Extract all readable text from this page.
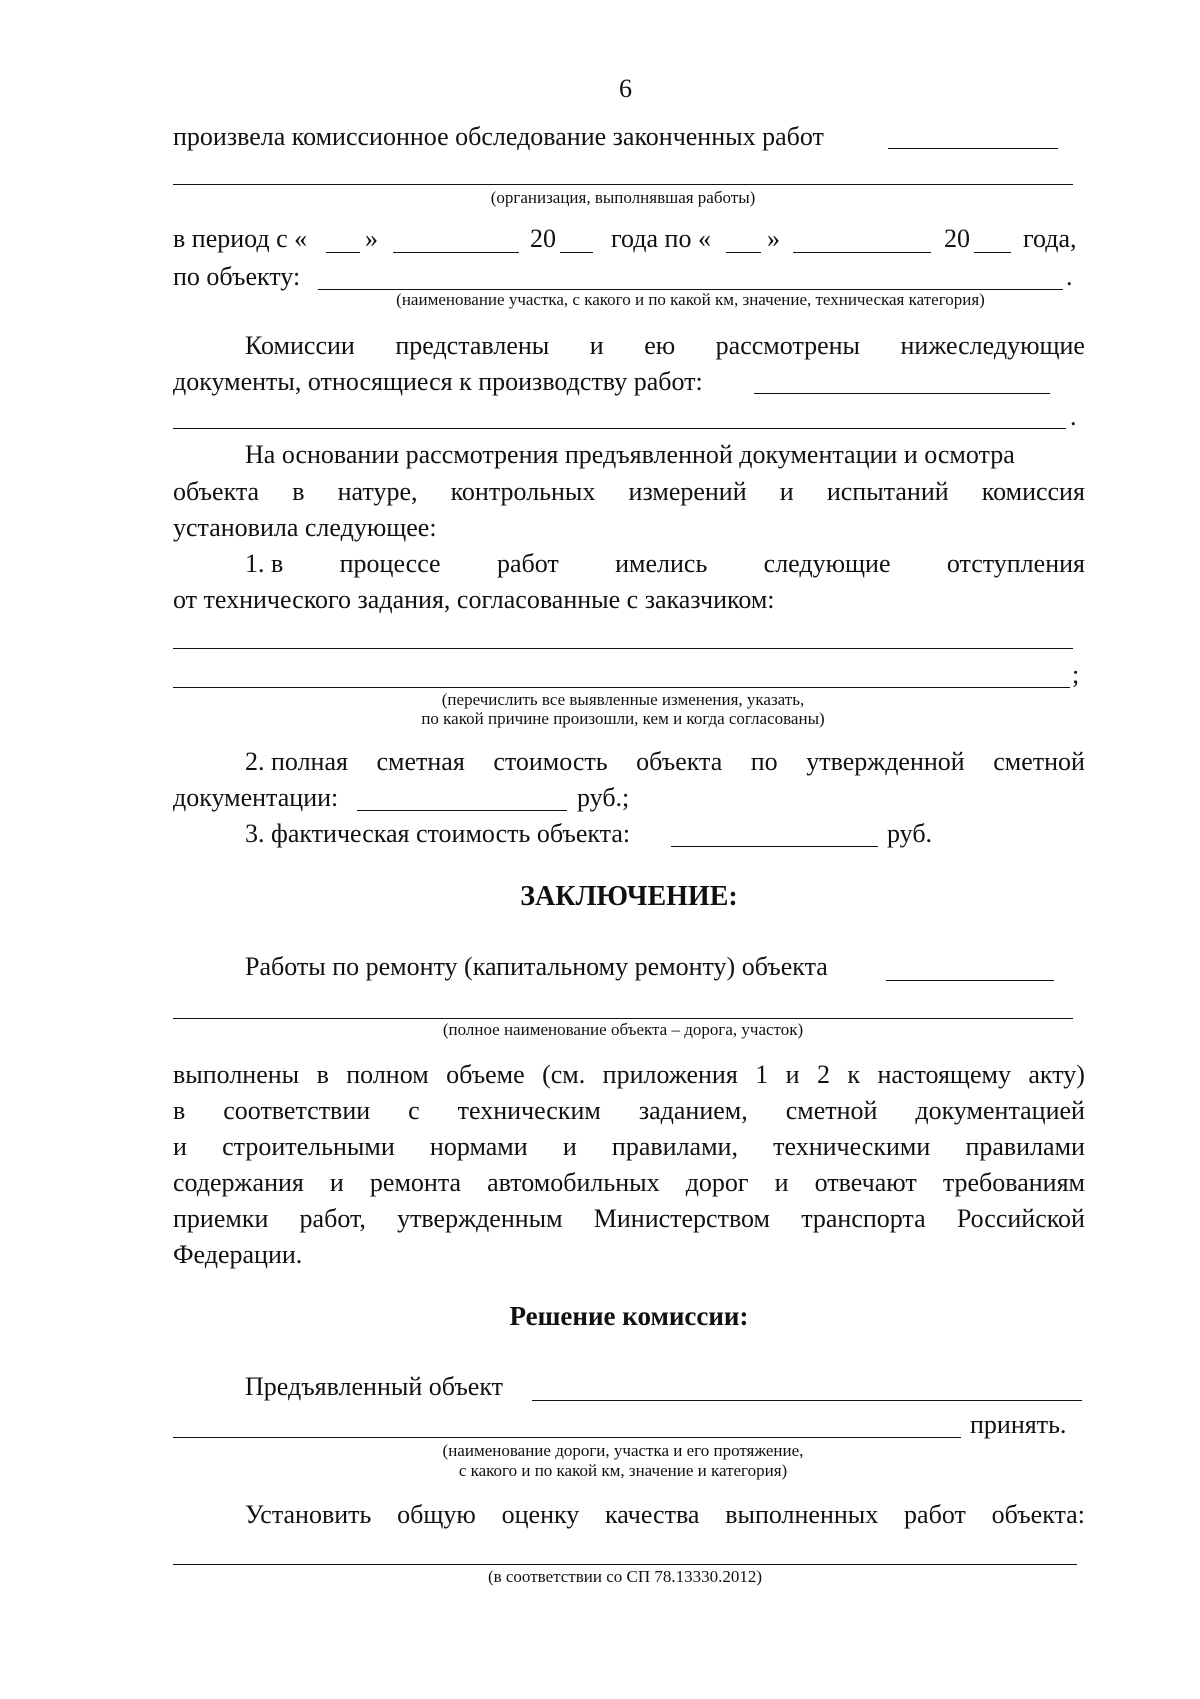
6
произвела комиссионное обследование законченных работ
(организация, выполнявшая работы)
в период с « »	20 года по « »	20 года,
по объекту:	.
(наименование участка, с какого и по какой км, значение, техническая категория)
Комиссии представлены и ею рассмотрены нижеследующие
документы, относящиеся к производству работ:
.
На основании рассмотрения предъявленной документации и осмотра
объекта в натуре, контрольных измерений и испытаний комиссия
установила следующее:
1. в процессе работ имелись следующие отступления
от технического задания, согласованные с заказчиком:
;
(перечислить все выявленные изменения, указать,
по какой причине произошли, кем и когда согласованы)
2. полная сметная стоимость объекта по утвержденной сметной
документации:	руб.;
3. фактическая стоимость объекта:	руб.
ЗАКЛЮЧЕНИЕ:
Работы по ремонту (капитальному ремонту) объекта
(полное наименование объекта – дорога, участок)
выполнены в полном объеме (см. приложения 1 и 2 к настоящему акту)
в соответствии с техническим заданием, сметной документацией
и строительными нормами и правилами, техническими правилами
содержания и ремонта автомобильных дорог и отвечают требованиям
приемки работ, утвержденным Министерством транспорта Российской
Федерации.
Решение комиссии:
Предъявленный объект
принять.
(наименование дороги, участка и его протяжение,
с какого и по какой км, значение и категория)
Установить общую оценку качества выполненных работ объекта:
(в соответствии со СП 78.13330.2012)
